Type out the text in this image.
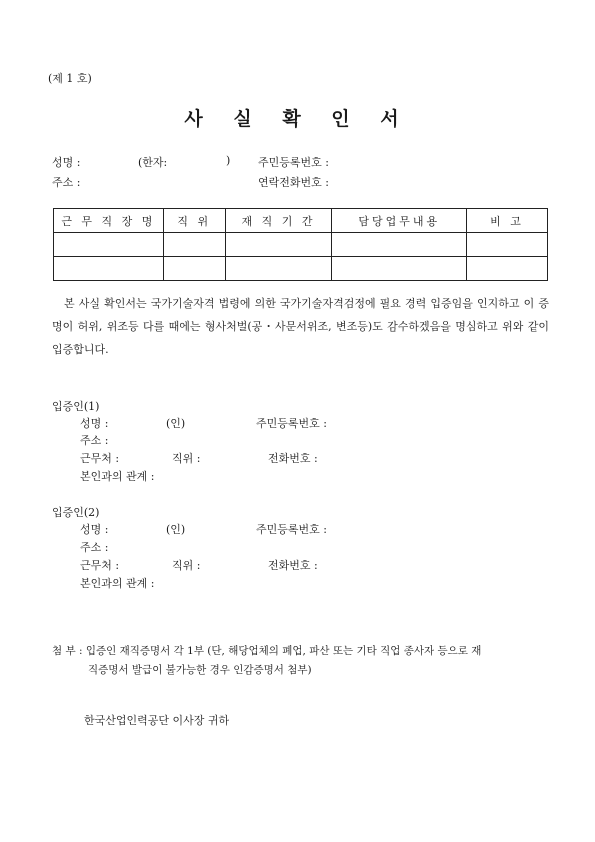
(제 1 호)
사 실 확 인 서
성명 :	(한자:	)	주민등록번호 :
주소 :	연락전화번호 :
근 무 직 장 명	직 위	재 직 기 간	담당업무내용	비 고

본 사실 확인서는 국가기술자격 법령에 의한 국가기술자격검정에 필요 경력 입증임을 인지하고 이 증명이 허위, 위조등 다를 때에는 형사처벌(공・사문서위조, 변조등)도 감수하겠음을 명심하고 위와 같이 입증합니다.
입증인(1)
성명 :	(인)	주민등록번호 :
주소 :
근무처 :	직위 :	전화번호 :
본인과의 관계 :
입증인(2)
성명 :	(인)	주민등록번호 :
주소 :
근무처 :	직위 :	전화번호 :
본인과의 관계 :
첨 부 : 입증인 재직증명서 각 1부 (단, 해당업체의 폐업, 파산 또는 기타 직업 종사자 등으로 재
직증명서 발급이 불가능한 경우 인감증명서 첨부)
한국산업인력공단 이사장 귀하
